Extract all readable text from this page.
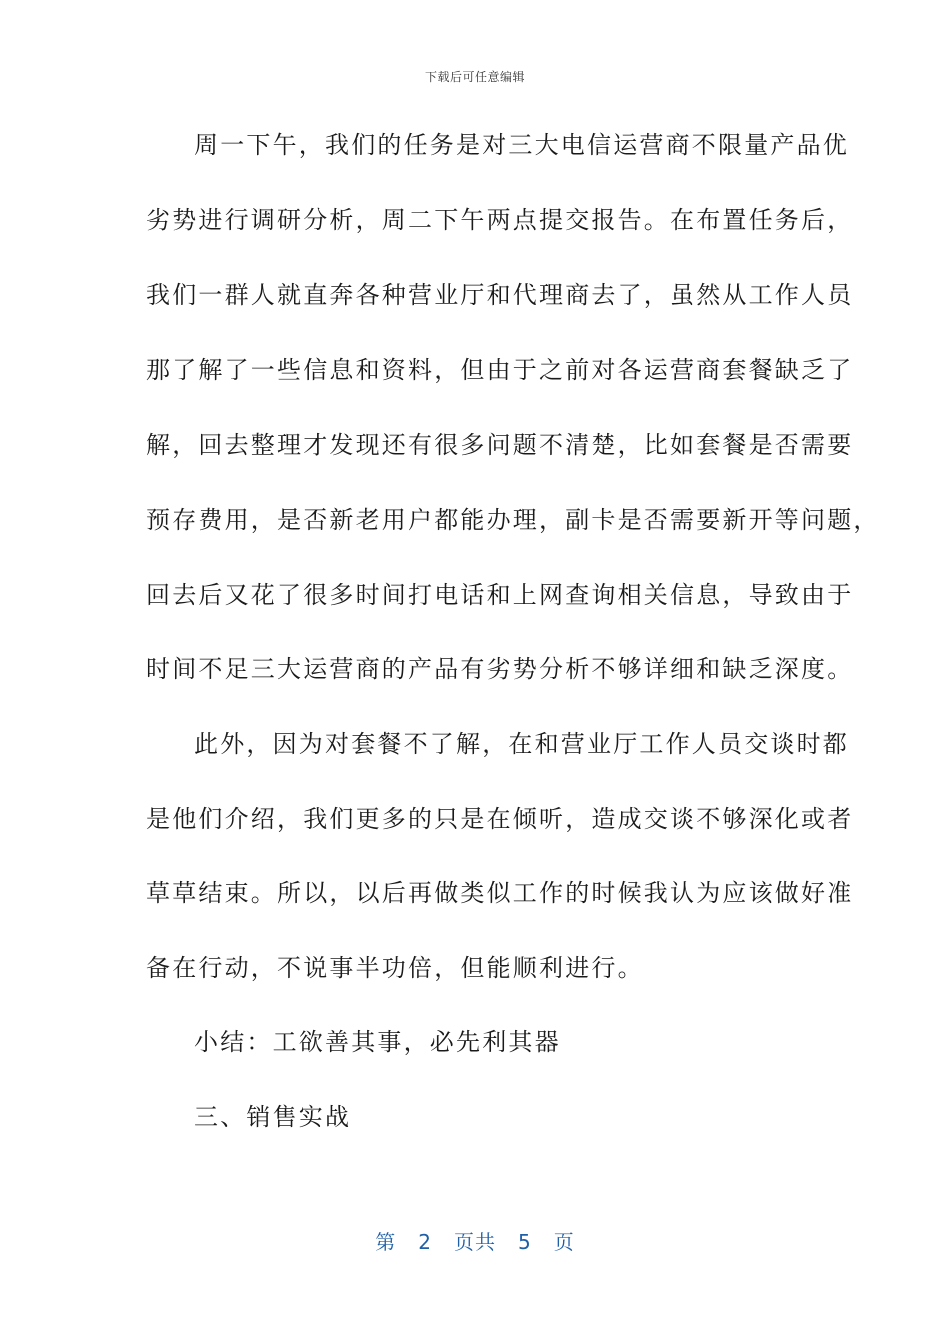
下载后可任意编辑
周一下午，我们的任务是对三大电信运营商不限量产品优
劣势进行调研分析，周二下午两点提交报告。在布置任务后，
我们一群人就直奔各种营业厅和代理商去了，虽然从工作人员
那了解了一些信息和资料，但由于之前对各运营商套餐缺乏了
解，回去整理才发现还有很多问题不清楚，比如套餐是否需要
预存费用，是否新老用户都能办理，副卡是否需要新开等问题，
回去后又花了很多时间打电话和上网查询相关信息，导致由于
时间不足三大运营商的产品有劣势分析不够详细和缺乏深度。
此外，因为对套餐不了解，在和营业厅工作人员交谈时都
是他们介绍，我们更多的只是在倾听，造成交谈不够深化或者
草草结束。所以，以后再做类似工作的时候我认为应该做好准
备在行动，不说事半功倍，但能顺利进行。
小结：工欲善其事，必先利其器
三、销售实战
第 2 页共 5 页
